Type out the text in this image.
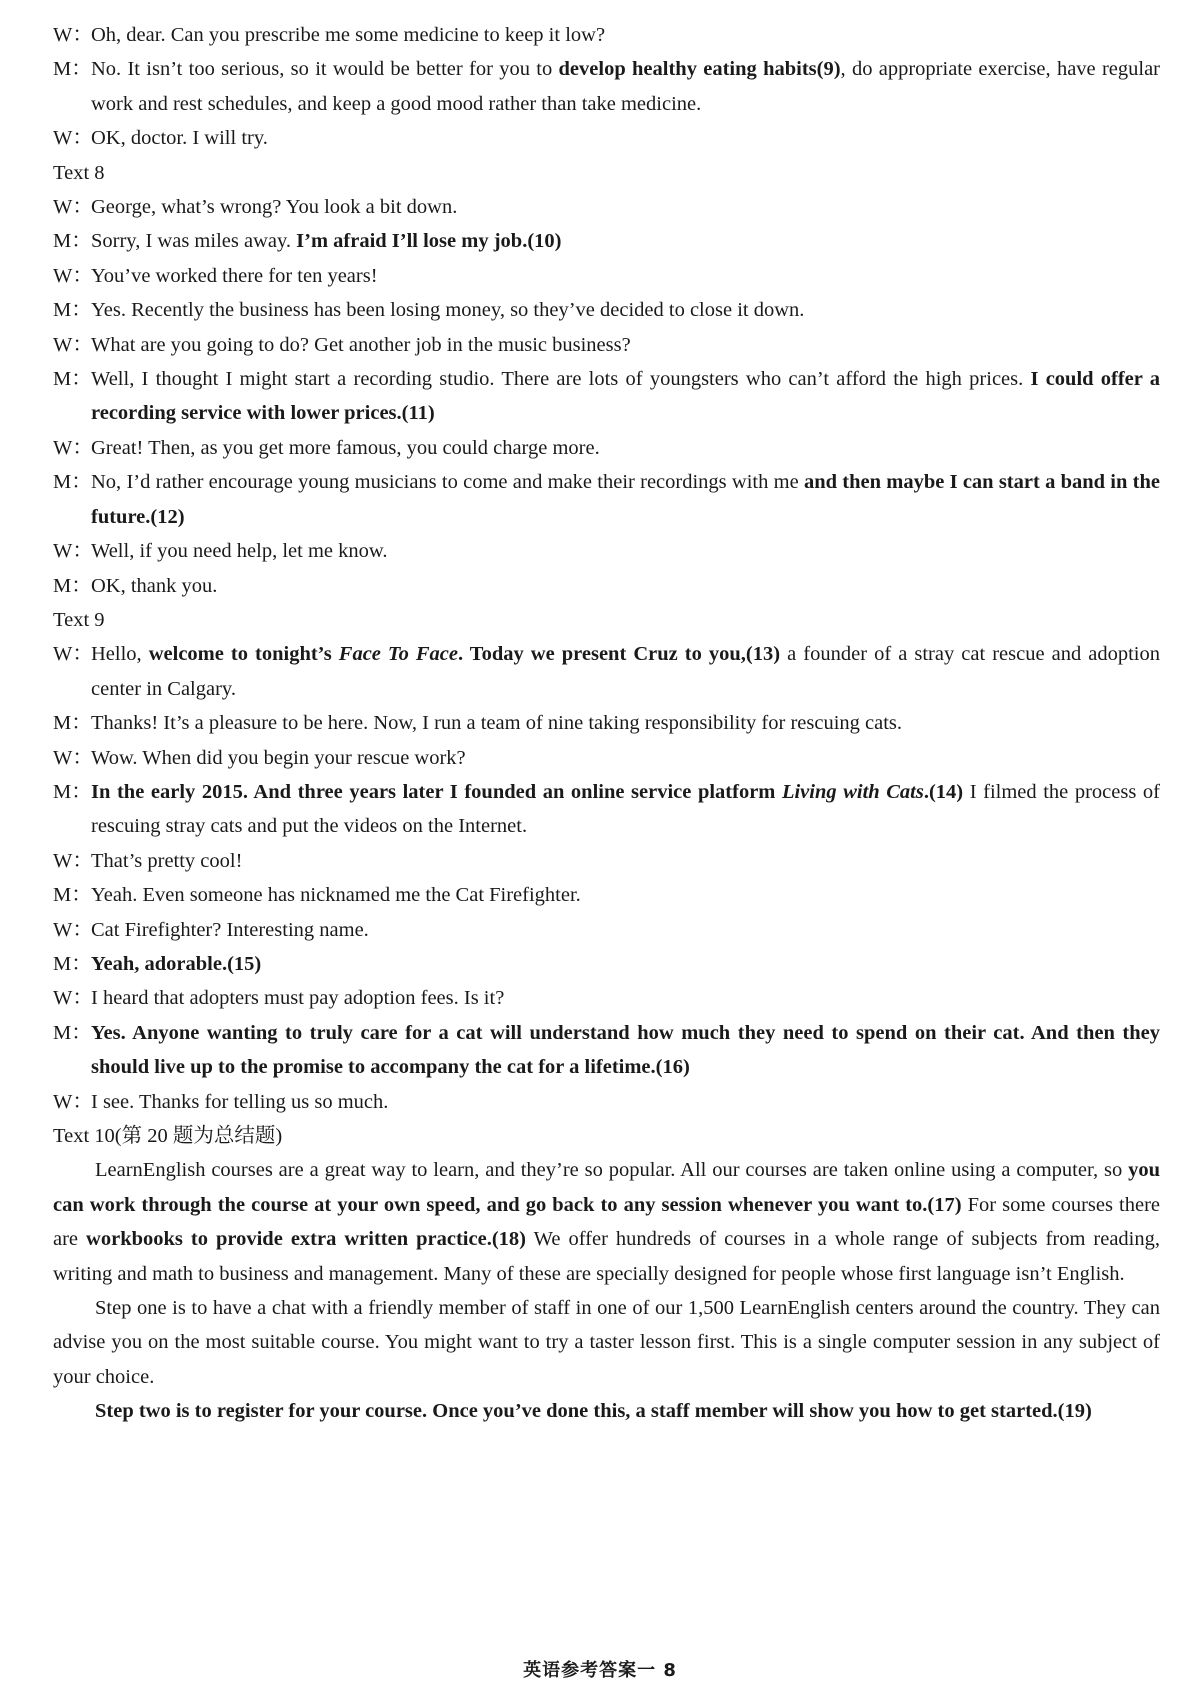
W：
Oh, dear. Can you prescribe me some medicine to keep it low?
M： No. It isn’t too serious, so it would be better for you to develop healthy eating habits(9), do appropriate exercise, have regular work and rest schedules, and keep a good mood rather than take medicine.
W：
OK, doctor. I will try.
Text 8
W：
George, what’s wrong? You look a bit down.
M： Sorry, I was miles away. I’m afraid I’ll lose my job.(10)
W：
You’ve worked there for ten years!
M： Yes. Recently the business has been losing money, so they’ve decided to close it down.
W：
What are you going to do? Get another job in the music business?
M： Well, I thought I might start a recording studio. There are lots of youngsters who can’t afford the high prices. I could offer a recording service with lower prices.(11)
W：
Great! Then, as you get more famous, you could charge more.
M： No, I’d rather encourage young musicians to come and make their recordings with me and then maybe I can start a band in the future.(12)
W：
Well, if you need help, let me know.
M： OK, thank you.
Text 9
W：
Hello, welcome to tonight’s Face To Face. Today we present Cruz to you,(13) a founder of a stray cat rescue and adoption center in Calgary.
M： Thanks! It’s a pleasure to be here. Now, I run a team of nine taking responsibility for rescuing cats.
W：
Wow. When did you begin your rescue work?
M： In the early 2015. And three years later I founded an online service platform Living with Cats.(14) I filmed the process of rescuing stray cats and put the videos on the Internet.
W：
That’s pretty cool!
M： Yeah. Even someone has nicknamed me the Cat Firefighter.
W：
Cat Firefighter? Interesting name.
M： Yeah, adorable.(15)
W：
I heard that adopters must pay adoption fees. Is it?
M： Yes. Anyone wanting to truly care for a cat will understand how much they need to spend on their cat. And then they should live up to the promise to accompany the cat for a lifetime.(16)
W：
I see. Thanks for telling us so much.
Text 10(第 20 题为总结题)
LearnEnglish courses are a great way to learn, and they’re so popular. All our courses are taken online using a computer, so you can work through the course at your own speed, and go back to any session whenever you want to.(17) For some courses there are workbooks to provide extra written practice.(18) We offer hundreds of courses in a whole range of subjects from reading, writing and math to business and management. Many of these are specially designed for people whose first language isn’t English.
Step one is to have a chat with a friendly member of staff in one of our 1,500 LearnEnglish centers around the country. They can advise you on the most suitable course. You might want to try a taster lesson first. This is a single computer session in any subject of your choice.
Step two is to register for your course. Once you’ve done this, a staff member will show you how to get started.(19)
英语参考答案一 8
